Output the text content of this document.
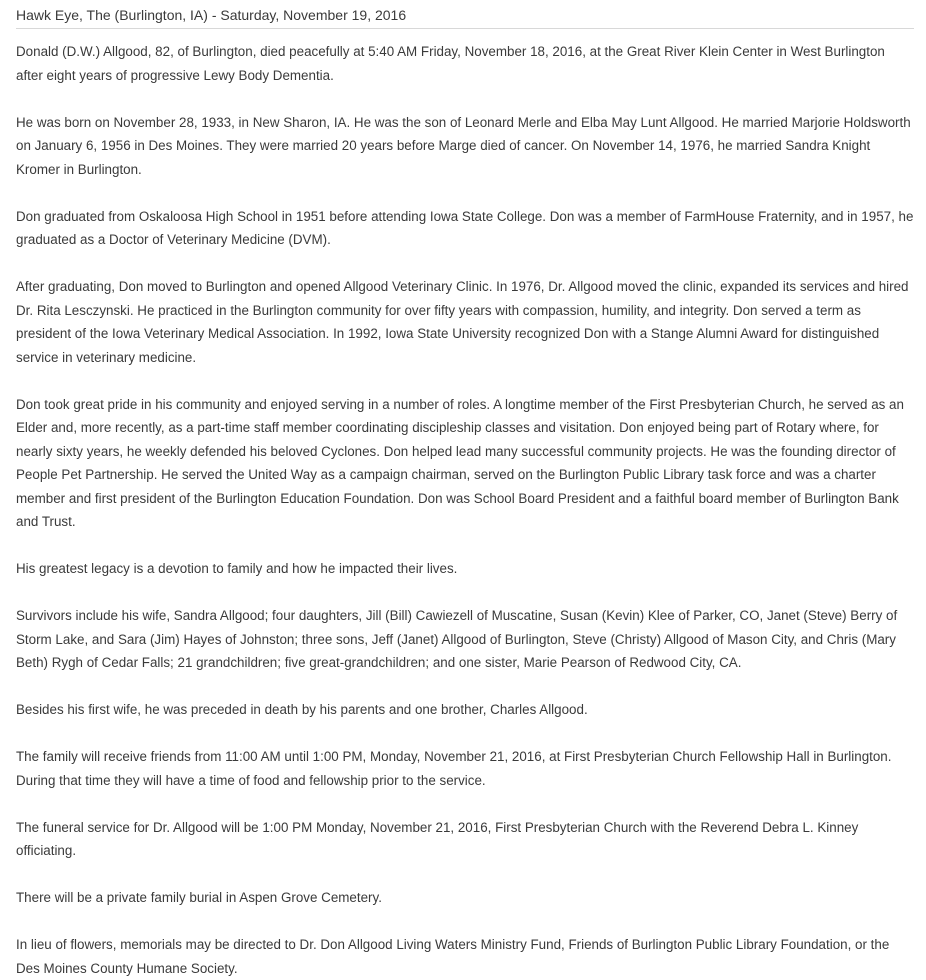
Hawk Eye, The (Burlington, IA) - Saturday, November 19, 2016

Donald (D.W.) Allgood, 82, of Burlington, died peacefully at 5:40 AM Friday, November 18, 2016, at the Great River Klein Center in West Burlington after eight years of progressive Lewy Body Dementia.

He was born on November 28, 1933, in New Sharon, IA. He was the son of Leonard Merle and Elba May Lunt Allgood. He married Marjorie Holdsworth on January 6, 1956 in Des Moines. They were married 20 years before Marge died of cancer. On November 14, 1976, he married Sandra Knight Kromer in Burlington.

Don graduated from Oskaloosa High School in 1951 before attending Iowa State College. Don was a member of FarmHouse Fraternity, and in 1957, he graduated as a Doctor of Veterinary Medicine (DVM).

After graduating, Don moved to Burlington and opened Allgood Veterinary Clinic. In 1976, Dr. Allgood moved the clinic, expanded its services and hired Dr. Rita Lesczynski. He practiced in the Burlington community for over fifty years with compassion, humility, and integrity. Don served a term as president of the Iowa Veterinary Medical Association. In 1992, Iowa State University recognized Don with a Stange Alumni Award for distinguished service in veterinary medicine.

Don took great pride in his community and enjoyed serving in a number of roles. A longtime member of the First Presbyterian Church, he served as an Elder and, more recently, as a part-time staff member coordinating discipleship classes and visitation. Don enjoyed being part of Rotary where, for nearly sixty years, he weekly defended his beloved Cyclones. Don helped lead many successful community projects. He was the founding director of People Pet Partnership. He served the United Way as a campaign chairman, served on the Burlington Public Library task force and was a charter member and first president of the Burlington Education Foundation. Don was School Board President and a faithful board member of Burlington Bank and Trust.

His greatest legacy is a devotion to family and how he impacted their lives.

Survivors include his wife, Sandra Allgood; four daughters, Jill (Bill) Cawiezell of Muscatine, Susan (Kevin) Klee of Parker, CO, Janet (Steve) Berry of Storm Lake, and Sara (Jim) Hayes of Johnston; three sons, Jeff (Janet) Allgood of Burlington, Steve (Christy) Allgood of Mason City, and Chris (Mary Beth) Rygh of Cedar Falls; 21 grandchildren; five great-grandchildren; and one sister, Marie Pearson of Redwood City, CA.

Besides his first wife, he was preceded in death by his parents and one brother, Charles Allgood.

The family will receive friends from 11:00 AM until 1:00 PM, Monday, November 21, 2016, at First Presbyterian Church Fellowship Hall in Burlington. During that time they will have a time of food and fellowship prior to the service.

The funeral service for Dr. Allgood will be 1:00 PM Monday, November 21, 2016, First Presbyterian Church with the Reverend Debra L. Kinney officiating.

There will be a private family burial in Aspen Grove Cemetery.

In lieu of flowers, memorials may be directed to Dr. Don Allgood Living Waters Ministry Fund, Friends of Burlington Public Library Foundation, or the Des Moines County Humane Society.
